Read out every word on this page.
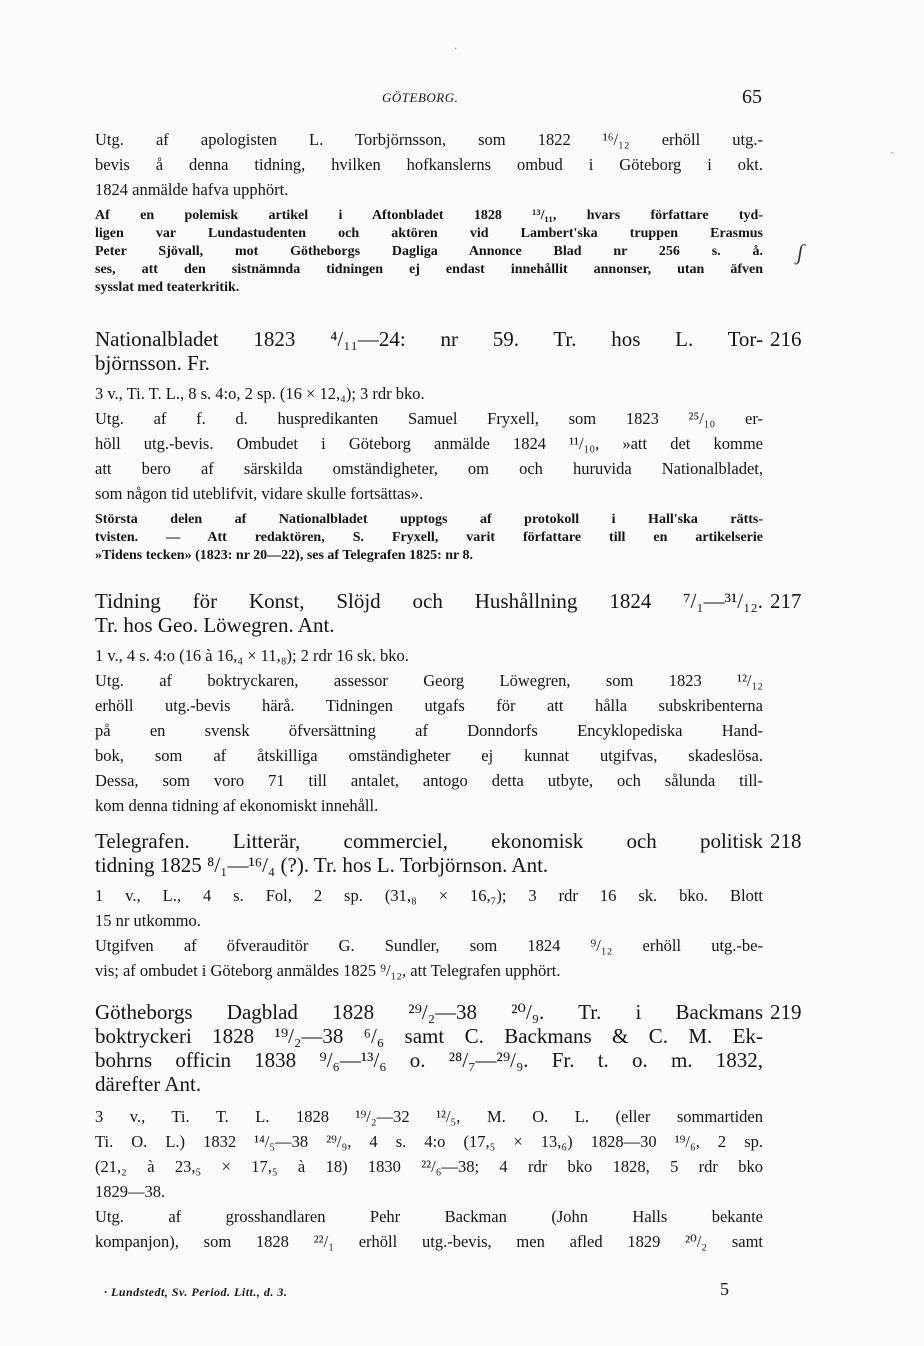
·
GÖTEBORG.	65
ˏ
ʃ

Utg. af apologisten L. Torbjörnsson, som 1822 ¹⁶/₁₂ erhöll utg.-

bevis å denna tidning, hvilken hofkanslerns ombud i Göteborg i okt.

1824 anmälde hafva upphört.

Af en polemisk artikel i Aftonbladet 1828 ¹³/₁₁, hvars författare tyd-

ligen var Lundastudenten och aktören vid Lambert'ska truppen Erasmus

Peter Sjövall, mot Götheborgs Dagliga Annonce Blad nr 256 s. å.

ses, att den sistnämnda tidningen ej endast innehållit annonser, utan äfven

sysslat med teaterkritik.

216

Nationalbladet 1823 ⁴/₁₁—24: nr 59. Tr. hos L. Tor-

björnsson. Fr.

3 v., Ti. T. L., 8 s. 4:o, 2 sp. (16 × 12,₄); 3 rdr bko.

Utg. af f. d. huspredikanten Samuel Fryxell, som 1823 ²⁵/₁₀ er-

höll utg.-bevis. Ombudet i Göteborg anmälde 1824 ¹¹/₁₀, »att det komme

att bero af särskilda omständigheter, om och huruvida Nationalbladet,

som någon tid uteblifvit, vidare skulle fortsättas».

Största delen af Nationalbladet upptogs af protokoll i Hall'ska rätts-

tvisten. — Att redaktören, S. Fryxell, varit författare till en artikelserie

»Tidens tecken» (1823: nr 20—22), ses af Telegrafen 1825: nr 8.

217

Tidning för Konst, Slöjd och Hushållning 1824 ⁷/₁—³¹/₁₂.

Tr. hos Geo. Löwegren. Ant.

1 v., 4 s. 4:o (16 à 16,₄ × 11,₈); 2 rdr 16 sk. bko.

Utg. af boktryckaren, assessor Georg Löwegren, som 1823 ¹²/₁₂

erhöll utg.-bevis härå. Tidningen utgafs för att hålla subskribenterna

på en svensk öfversättning af Donndorfs Encyklopediska Hand-

bok, som af åtskilliga omständigheter ej kunnat utgifvas, skadeslösa.

Dessa, som voro 71 till antalet, antogo detta utbyte, och sålunda till-

kom denna tidning af ekonomiskt innehåll.

218

Telegrafen. Litterär, commerciel, ekonomisk och politisk

tidning 1825 ⁸/₁—¹⁶/₄ (?). Tr. hos L. Torbjörnson. Ant.

1 v., L., 4 s. Fol, 2 sp. (31,₈ × 16,₇); 3 rdr 16 sk. bko. Blott

15 nr utkommo.

Utgifven af öfverauditör G. Sundler, som 1824 ⁹/₁₂ erhöll utg.-be-

vis; af ombudet i Göteborg anmäldes 1825 ⁹/₁₂, att Telegrafen upphört.

219

Götheborgs Dagblad 1828 ²⁹/₂—38 ²⁰/₉. Tr. i Backmans

boktryckeri 1828 ¹⁹/₂—38 ⁶/₆ samt C. Backmans & C. M. Ek-

bohrns officin 1838 ⁹/₆—¹³/₆ o. ²⁸/₇—²⁹/₉. Fr. t. o. m. 1832,

därefter Ant.

3 v., Ti. T. L. 1828 ¹⁹/₂—32 ¹²/₅, M. O. L. (eller sommartiden

Ti. O. L.) 1832 ¹⁴/₅—38 ²⁹/₉, 4 s. 4:o (17,₅ × 13,₆) 1828—30 ¹⁹/₆, 2 sp.

(21,₂ à 23,₅ × 17,₅ à 18) 1830 ²²/₆—38; 4 rdr bko 1828, 5 rdr bko

1829—38.

Utg. af grosshandlaren Pehr Backman (John Halls bekante

kompanjon), som 1828 ²²/₁ erhöll utg.-bevis, men afled 1829 ²⁰/₂ samt

· Lundstedt, Sv. Period. Litt., d. 3.	5
